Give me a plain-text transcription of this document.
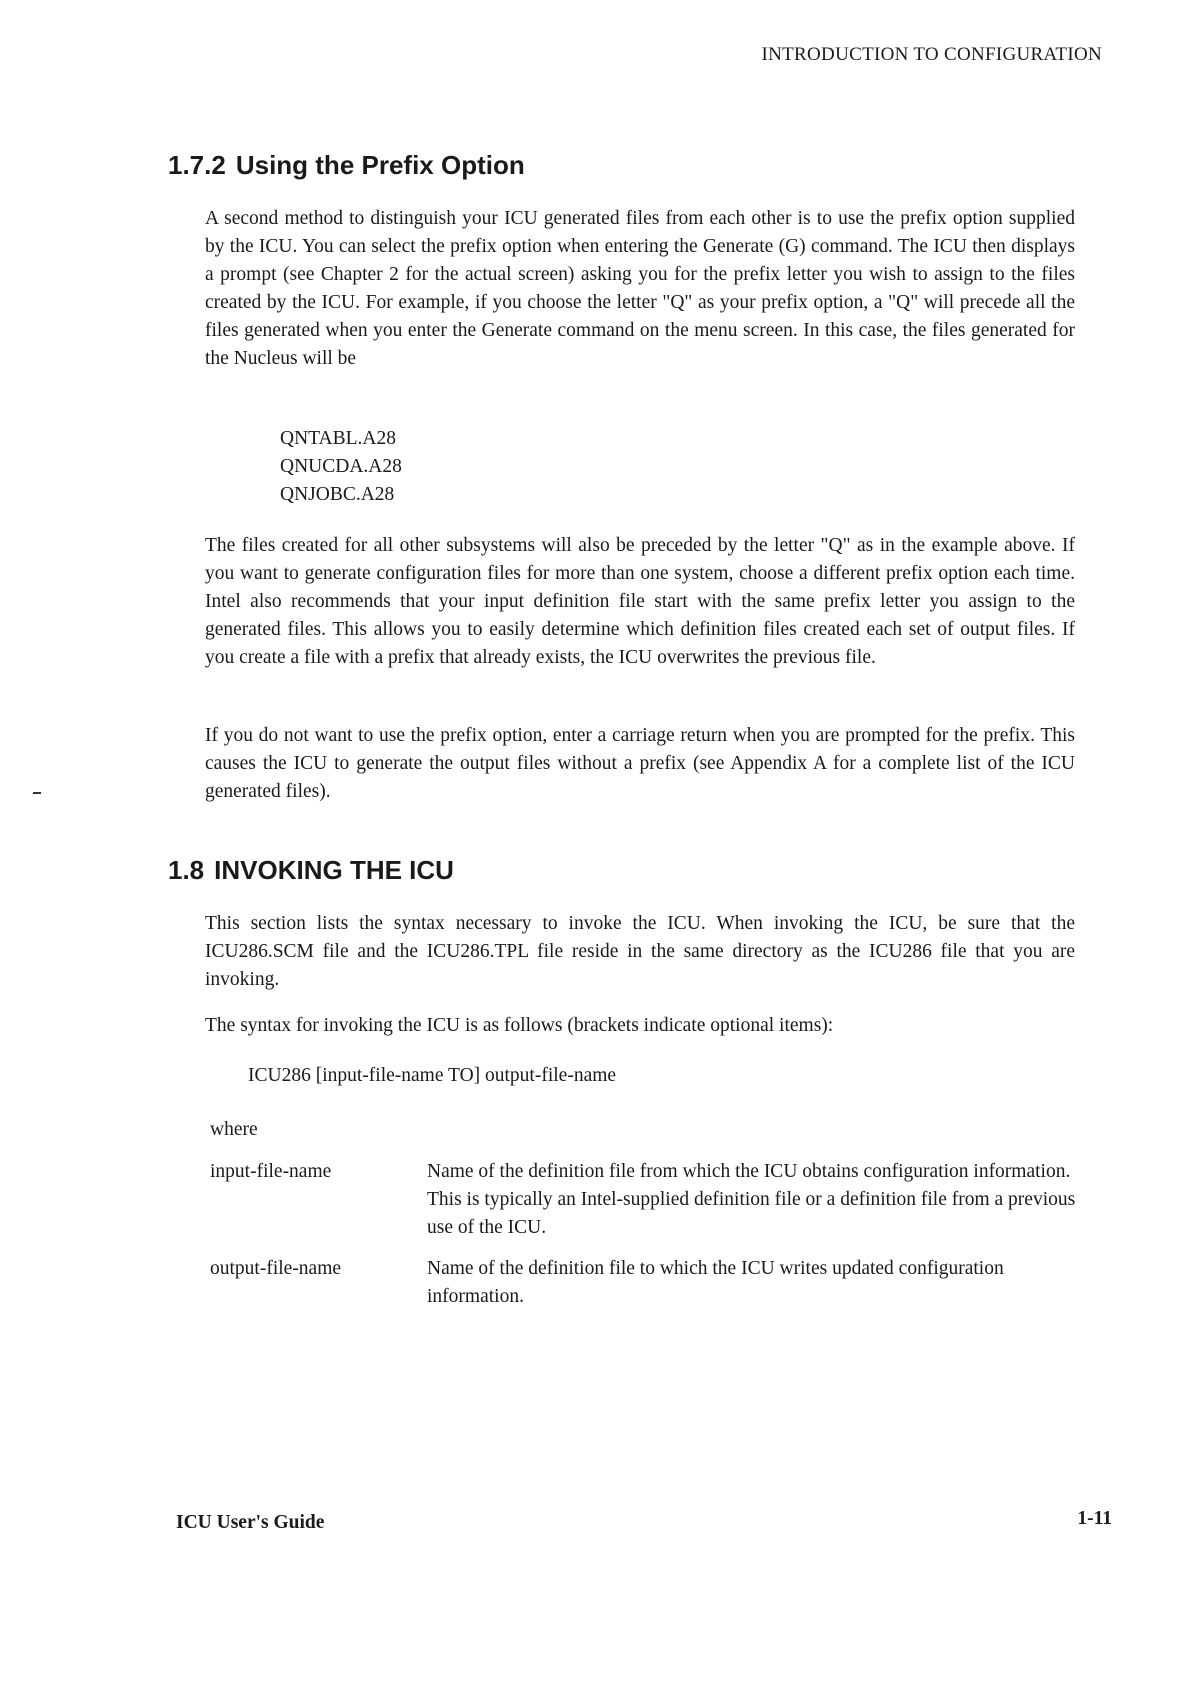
INTRODUCTION TO CONFIGURATION
1.7.2 Using the Prefix Option

A second method to distinguish your ICU generated files from each other is to use the prefix option supplied by the ICU. You can select the prefix option when entering the Generate (G) command. The ICU then displays a prompt (see Chapter 2 for the actual screen) asking you for the prefix letter you wish to assign to the files created by the ICU. For example, if you choose the letter "Q" as your prefix option, a "Q" will precede all the files generated when you enter the Generate command on the menu screen. In this case, the files generated for the Nucleus will be

QNTABL.A28
QNUCDA.A28
QNJOBC.A28

The files created for all other subsystems will also be preceded by the letter "Q" as in the example above. If you want to generate configuration files for more than one system, choose a different prefix option each time. Intel also recommends that your input definition file start with the same prefix letter you assign to the generated files. This allows you to easily determine which definition files created each set of output files. If you create a file with a prefix that already exists, the ICU overwrites the previous file.

If you do not want to use the prefix option, enter a carriage return when you are prompted for the prefix. This causes the ICU to generate the output files without a prefix (see Appendix A for a complete list of the ICU generated files).

1.8 INVOKING THE ICU

This section lists the syntax necessary to invoke the ICU. When invoking the ICU, be sure that the ICU286.SCM file and the ICU286.TPL file reside in the same directory as the ICU286 file that you are invoking.

The syntax for invoking the ICU is as follows (brackets indicate optional items):

ICU286 [input-file-name TO] output-file-name
where
input-file-name	Name of the definition file from which the ICU obtains configuration information. This is typically an Intel-supplied definition file or a definition file from a previous use of the ICU.
output-file-name	Name of the definition file to which the ICU writes updated configuration information.
ICU User's Guide	1-11
